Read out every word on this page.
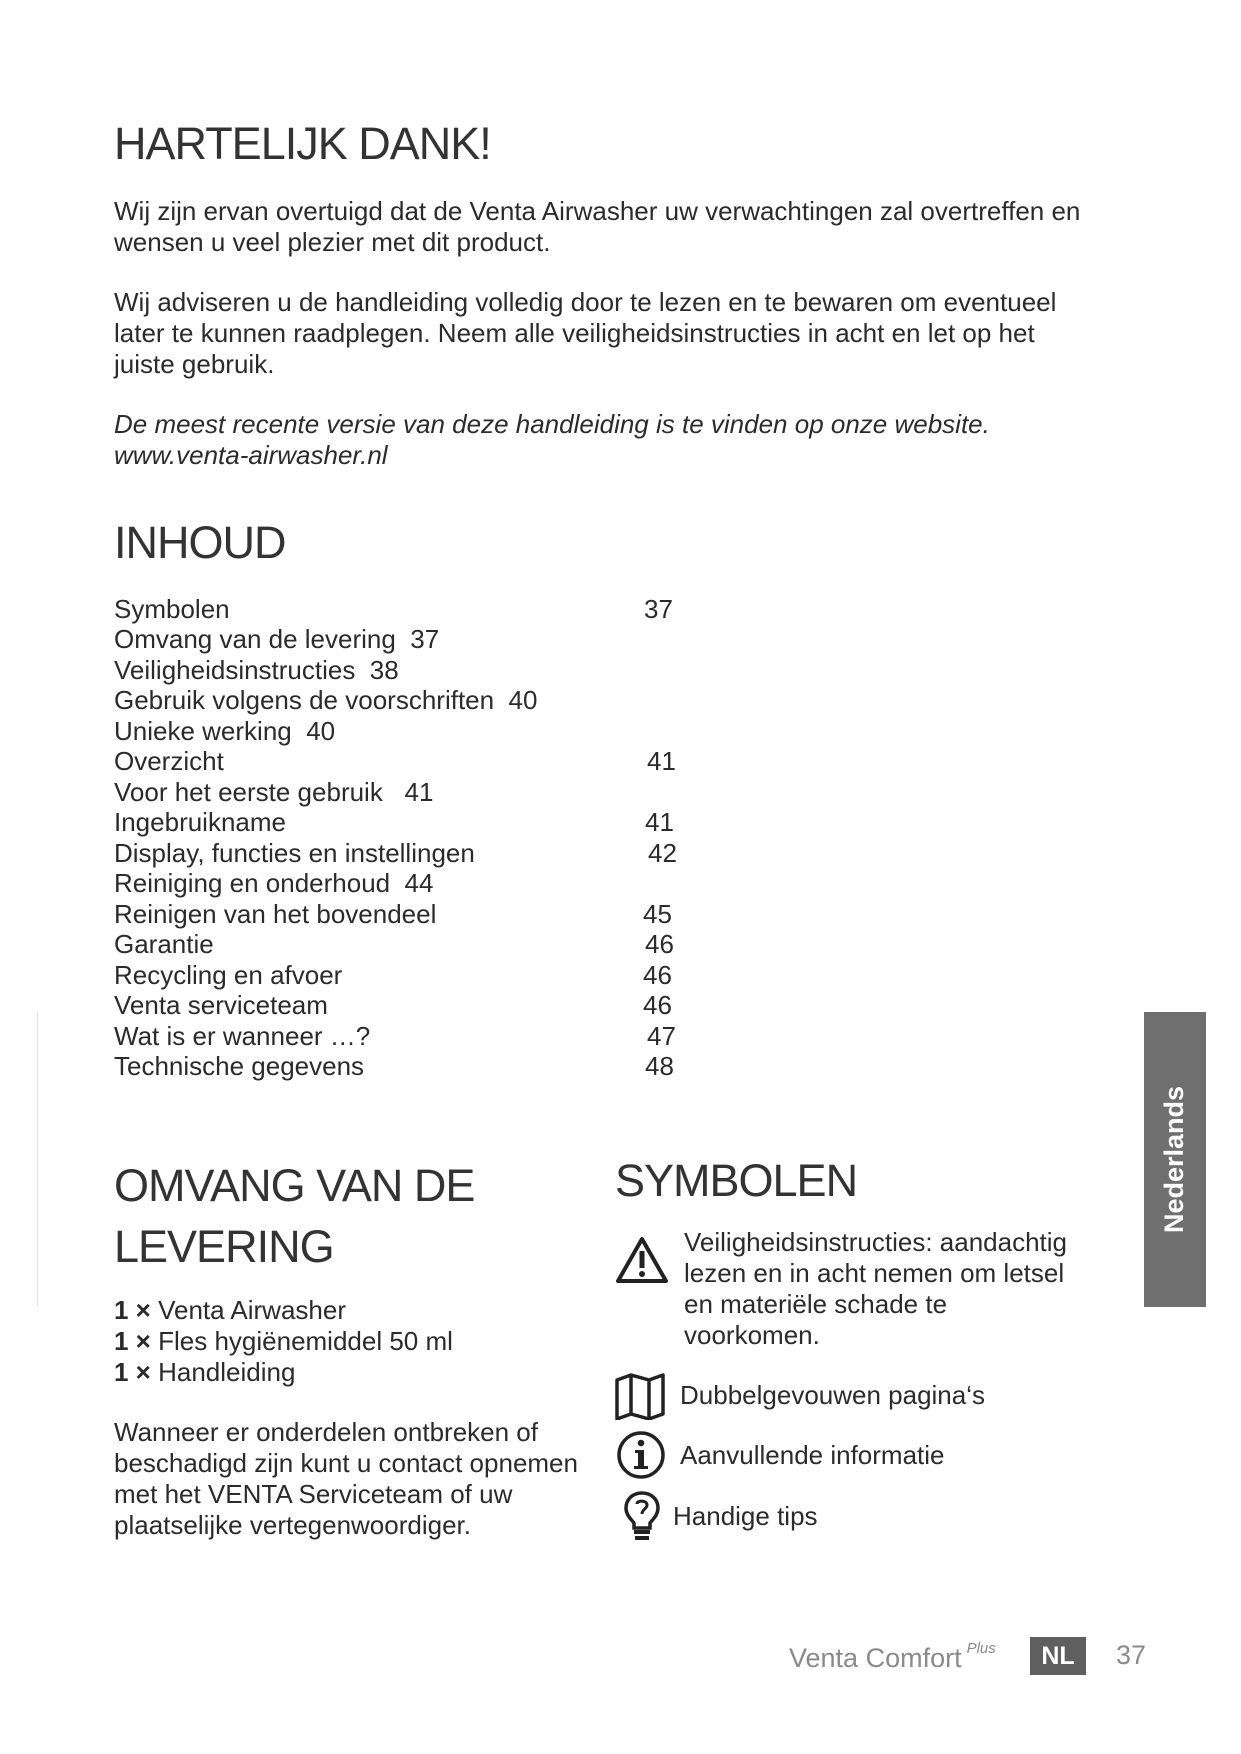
HARTELIJK DANK!

Wij zijn ervan overtuigd dat de Venta Airwasher uw verwachtingen zal overtreffen en wensen u veel plezier met dit product.

Wij adviseren u de handleiding volledig door te lezen en te bewaren om eventueel later te kunnen raadplegen. Neem alle veiligheidsinstructies in acht en let op het juiste gebruik.

De meest recente versie van deze handleiding is te vinden op onze website.
www.venta-airwasher.nl

INHOUD
Symbolen	37
Omvang van de levering  37
Veiligheidsinstructies  38
Gebruik volgens de voorschriften  40
Unieke werking  40
Overzicht	41
Voor het eerste gebruik   41
Ingebruikname	41
Display, functies en instellingen	42
Reiniging en onderhoud  44
Reinigen van het bovendeel	45
Garantie	46
Recycling en afvoer	46
Venta serviceteam	46
Wat is er wanneer …?	47
Technische gegevens	48
OMVANG VAN DE
LEVERING
1 × Venta Airwasher
1 × Fles hygiënemiddel 50 ml
1 × Handleiding

Wanneer er onderdelen ontbreken of beschadigd zijn kunt u contact opnemen met het VENTA Serviceteam of uw plaatselijke vertegenwoordiger.

SYMBOLEN
Veiligheidsinstructies: aandachtig lezen en in acht nemen om letsel en materiële schade te voorkomen.
Dubbelgevouwen pagina‘s
Aanvullende informatie
Handige tips
Nederlands
Venta Comfort $^{Plus}$	NL	37
